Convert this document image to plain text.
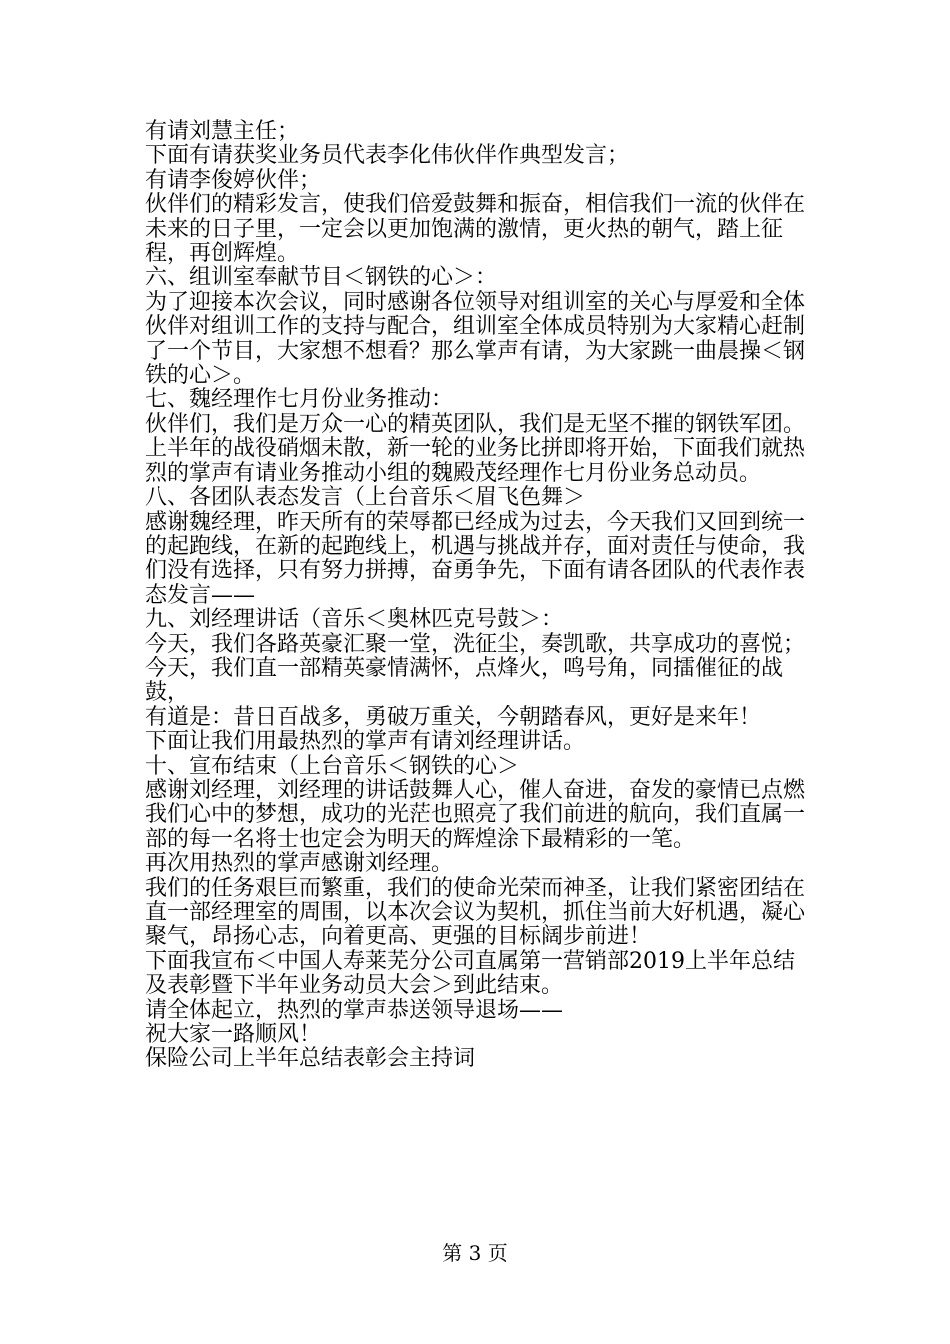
有请刘慧主任；

下面有请获奖业务员代表李化伟伙伴作典型发言；

有请李俊婷伙伴；

伙伴们的精彩发言，使我们倍爱鼓舞和振奋，相信我们一流的伙伴在未来的日子里，一定会以更加饱满的激情，更火热的朝气，踏上征程，再创辉煌。

六、组训室奉献节目＜钢铁的心＞：

为了迎接本次会议，同时感谢各位领导对组训室的关心与厚爱和全体伙伴对组训工作的支持与配合，组训室全体成员特别为大家精心赶制了一个节目，大家想不想看？那么掌声有请，为大家跳一曲晨操＜钢铁的心＞。

七、魏经理作七月份业务推动：

伙伴们，我们是万众一心的精英团队，我们是无坚不摧的钢铁军团。上半年的战役硝烟未散，新一轮的业务比拼即将开始，下面我们就热烈的掌声有请业务推动小组的魏殿茂经理作七月份业务总动员。

八、各团队表态发言（上台音乐＜眉飞色舞＞

感谢魏经理，昨天所有的荣辱都已经成为过去，今天我们又回到统一的起跑线，在新的起跑线上，机遇与挑战并存，面对责任与使命，我们没有选择，只有努力拼搏，奋勇争先，下面有请各团队的代表作表态发言——

九、刘经理讲话（音乐＜奥林匹克号鼓＞：

今天，我们各路英豪汇聚一堂，洗征尘，奏凯歌，共享成功的喜悦；

今天，我们直一部精英豪情满怀，点烽火，鸣号角，同擂催征的战鼓，

有道是：昔日百战多，勇破万重关，今朝踏春风，更好是来年！

下面让我们用最热烈的掌声有请刘经理讲话。

十、宣布结束（上台音乐＜钢铁的心＞

感谢刘经理，刘经理的讲话鼓舞人心，催人奋进，奋发的豪情已点燃

我们心中的梦想，成功的光茫也照亮了我们前进的航向，我们直属一部的每一名将士也定会为明天的辉煌涂下最精彩的一笔。

再次用热烈的掌声感谢刘经理。

我们的任务艰巨而繁重，我们的使命光荣而神圣，让我们紧密团结在直一部经理室的周围，以本次会议为契机，抓住当前大好机遇，凝心聚气，昂扬心志，向着更高、更强的目标阔步前进！

下面我宣布＜中国人寿莱芜分公司直属第一营销部2019上半年总结及表彰暨下半年业务动员大会＞到此结束。

请全体起立，热烈的掌声恭送领导退场——

祝大家一路顺风！

保险公司上半年总结表彰会主持词

第 3 页
